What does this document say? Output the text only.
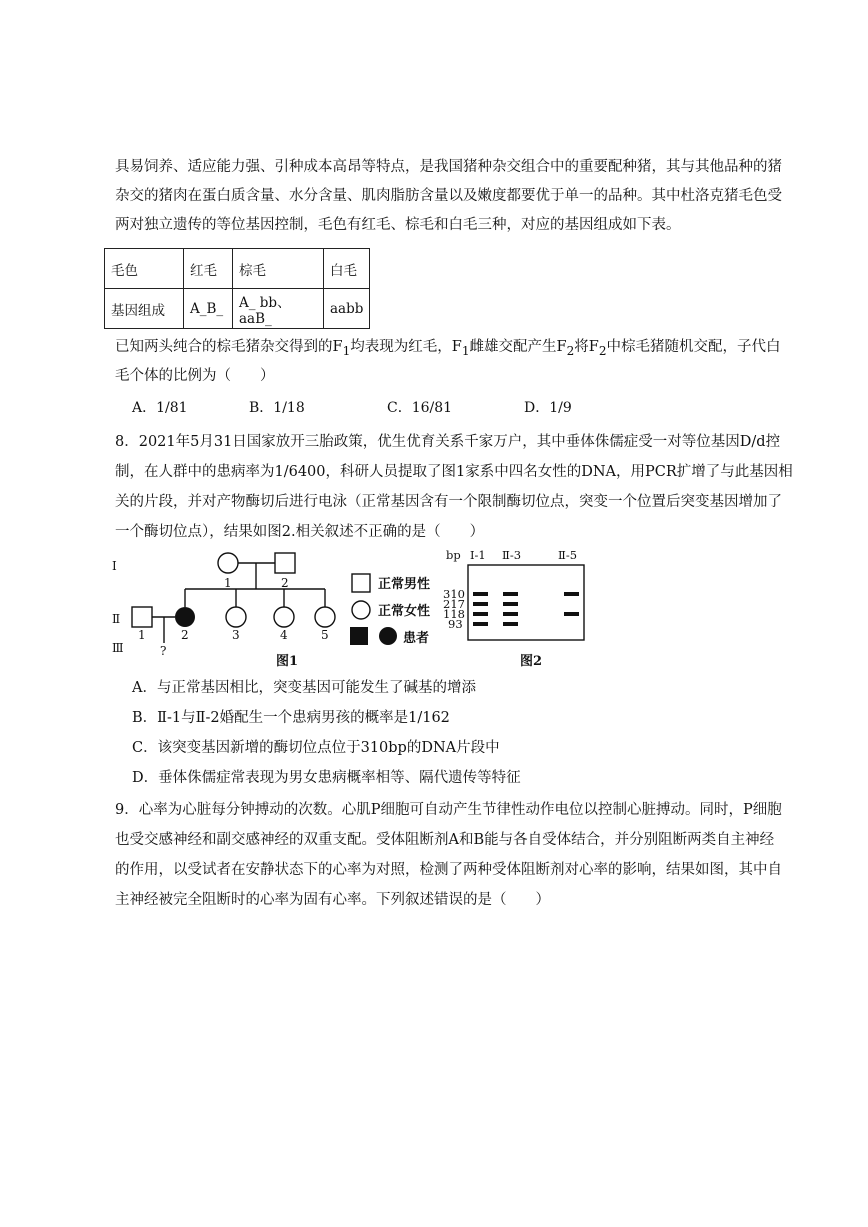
具易饲养、适应能力强、引种成本高昂等特点，是我国猪种杂交组合中的重要配种猪，其与其他品种的猪
杂交的猪肉在蛋白质含量、水分含量、肌肉脂肪含量以及嫩度都要优于单一的品种。其中杜洛克猪毛色受
两对独立遗传的等位基因控制，毛色有红毛、棕毛和白毛三种，对应的基因组成如下表。
毛色	红毛	棕毛	白毛
基因组成	A_B_	A_ bb、aaB_	aabb
已知两头纯合的棕毛猪杂交得到的$F_1$均表现为红毛，$F_1$雌雄交配产生$F_2$将$F_2$中棕毛猪随机交配，子代白
毛个体的比例为（　　）
A．1/81	B．1/18	C．16/81	D．1/9
8．2021年5月31日国家放开三胎政策，优生优育关系千家万户，其中垂体侏儒症受一对等位基因D/d控
制，在人群中的患病率为1/6400，科研人员提取了图1家系中四名女性的DNA，用PCR扩增了与此基因相
关的片段，并对产物酶切后进行电泳（正常基因含有一个限制酶切位点，突变一个位置后突变基因增加了
一个酶切位点），结果如图2.相关叙述不正确的是（　　）
Ⅰ
Ⅱ
Ⅲ
1	2
1	2	3	4	5
?
正常男性
正常女性
患者
图1
bp Ⅰ-1 Ⅱ-3	Ⅱ-5
310
217
118
93
图2
A．与正常基因相比，突变基因可能发生了碱基的增添
B．Ⅱ-1与Ⅱ-2婚配生一个患病男孩的概率是1/162
C．该突变基因新增的酶切位点位于310bp的DNA片段中
D．垂体侏儒症常表现为男女患病概率相等、隔代遗传等特征
9．心率为心脏每分钟搏动的次数。心肌P细胞可自动产生节律性动作电位以控制心脏搏动。同时，P细胞
也受交感神经和副交感神经的双重支配。受体阻断剂A和B能与各自受体结合，并分别阻断两类自主神经
的作用，以受试者在安静状态下的心率为对照，检测了两种受体阻断剂对心率的影响，结果如图，其中自
主神经被完全阻断时的心率为固有心率。下列叙述错误的是（　　）
